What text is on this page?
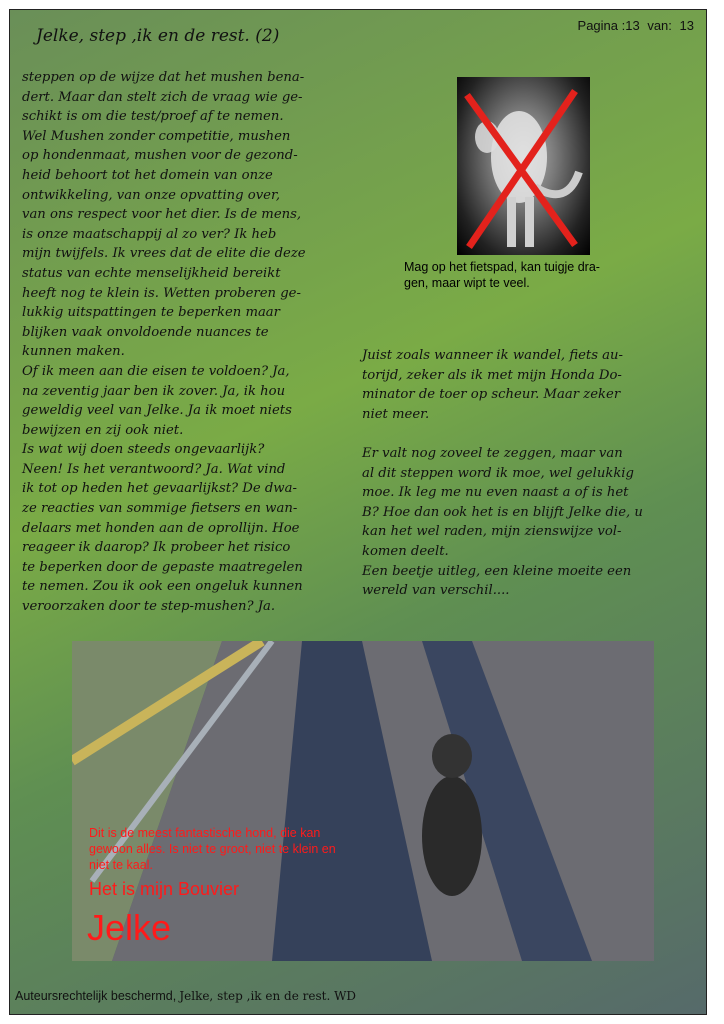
Pagina :13 van: 13
Jelke, step ,ik en de rest. (2)

steppen op de wijze dat het mushen bena-
dert. Maar dan stelt zich de vraag wie ge-
schikt is om die test/proef af te nemen.
Wel Mushen zonder competitie, mushen
op hondenmaat, mushen voor de gezond-
heid behoort tot het domein van onze
ontwikkeling, van onze opvatting over,
van ons respect voor het dier. Is de mens,
is onze maatschappij al zo ver? Ik heb
mijn twijfels. Ik vrees dat de elite die deze
status van echte menselijkheid bereikt
heeft nog te klein is. Wetten proberen ge-
lukkig uitspattingen te beperken maar
blijken vaak onvoldoende nuances te
kunnen maken.
Of ik meen aan die eisen te voldoen? Ja,
na zeventig jaar ben ik zover. Ja, ik hou
geweldig veel van Jelke. Ja ik moet niets
bewijzen en zij ook niet.
Is wat wij doen steeds ongevaarlijk?
Neen! Is het verantwoord? Ja. Wat vind
ik tot op heden het gevaarlijkst? De dwa-
ze reacties van sommige fietsers en wan-
delaars met honden aan de oprollijn. Hoe
reageer ik daarop? Ik probeer het risico
te beperken door de gepaste maatregelen
te nemen. Zou ik ook een ongeluk kunnen
veroorzaken door te step-mushen? Ja.

Mag op het fietspad, kan tuigje dra-
gen, maar wipt te veel.

Juist zoals wanneer ik wandel, fiets au-
torijd, zeker als ik met mijn Honda Do-
minator de toer op scheur. Maar zeker
niet meer.

Er valt nog zoveel te zeggen, maar van
al dit steppen word ik moe, wel gelukkig
moe. Ik leg me nu even naast a of is het
B? Hoe dan ook het is en blijft Jelke die, u
kan het wel raden, mijn zienswijze vol-
komen deelt.
Een beetje uitleg, een kleine moeite een
wereld van verschil....

Dit is de meest fantastische hond, die kan
gewoon alles. Is niet te groot, niet te klein en
niet te kaal.
Het is mijn Bouvier
Jelke
Auteursrechtelijk beschermd, Jelke, step ,ik en de rest. WD
